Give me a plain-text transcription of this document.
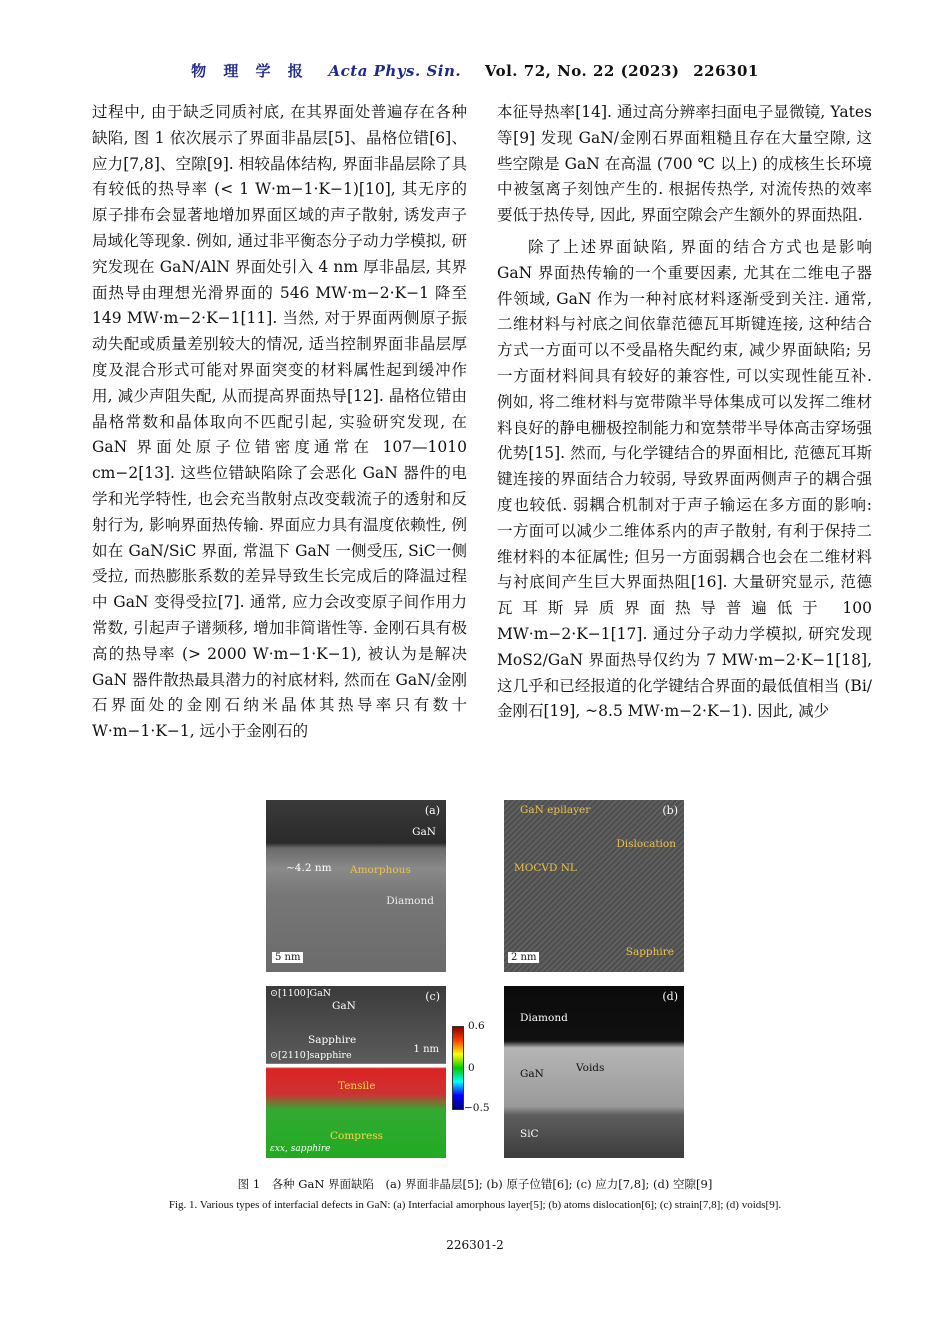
物 理 学 报 Acta Phys. Sin. Vol. 72, No. 22 (2023) 226301

过程中, 由于缺乏同质衬底, 在其界面处普遍存在各种缺陷, 图 1 依次展示了界面非晶层[5]、晶格位错[6]、应力[7,8]、空隙[9]. 相较晶体结构, 界面非晶层除了具有较低的热导率 (< 1 W·m−1·K−1)[10], 其无序的原子排布会显著地增加界面区域的声子散射, 诱发声子局域化等现象. 例如, 通过非平衡态分子动力学模拟, 研究发现在 GaN/AlN 界面处引入 4 nm 厚非晶层, 其界面热导由理想光滑界面的 546 MW·m−2·K−1 降至 149 MW·m−2·K−1[11]. 当然, 对于界面两侧原子振动失配或质量差别较大的情况, 适当控制界面非晶层厚度及混合形式可能对界面突变的材料属性起到缓冲作用, 减少声阻失配, 从而提高界面热导[12]. 晶格位错由晶格常数和晶体取向不匹配引起, 实验研究发现, 在 GaN 界面处原子位错密度通常在 107—1010 cm−2[13]. 这些位错缺陷除了会恶化 GaN 器件的电学和光学特性, 也会充当散射点改变载流子的透射和反射行为, 影响界面热传输. 界面应力具有温度依赖性, 例如在 GaN/SiC 界面, 常温下 GaN 一侧受压, SiC一侧受拉, 而热膨胀系数的差异导致生长完成后的降温过程中 GaN 变得受拉[7]. 通常, 应力会改变原子间作用力常数, 引起声子谱频移, 增加非简谐性等. 金刚石具有极高的热导率 (> 2000 W·m−1·K−1), 被认为是解决 GaN 器件散热最具潜力的衬底材料, 然而在 GaN/金刚石界面处的金刚石纳米晶体其热导率只有数十 W·m−1·K−1, 远小于金刚石的

本征导热率[14]. 通过高分辨率扫面电子显微镜, Yates 等[9] 发现 GaN/金刚石界面粗糙且存在大量空隙, 这些空隙是 GaN 在高温 (700 ℃ 以上) 的成核生长环境中被氢离子刻蚀产生的. 根据传热学, 对流传热的效率要低于热传导, 因此, 界面空隙会产生额外的界面热阻.

除了上述界面缺陷, 界面的结合方式也是影响 GaN 界面热传输的一个重要因素, 尤其在二维电子器件领域, GaN 作为一种衬底材料逐渐受到关注. 通常, 二维材料与衬底之间依靠范德瓦耳斯键连接, 这种结合方式一方面可以不受晶格失配约束, 减少界面缺陷; 另一方面材料间具有较好的兼容性, 可以实现性能互补. 例如, 将二维材料与宽带隙半导体集成可以发挥二维材料良好的静电栅极控制能力和宽禁带半导体高击穿场强优势[15]. 然而, 与化学键结合的界面相比, 范德瓦耳斯键连接的界面结合力较弱, 导致界面两侧声子的耦合强度也较低. 弱耦合机制对于声子输运在多方面的影响: 一方面可以减少二维体系内的声子散射, 有利于保持二维材料的本征属性; 但另一方面弱耦合也会在二维材料与衬底间产生巨大界面热阻[16]. 大量研究显示, 范德瓦耳斯异质界面热导普遍低于 100 MW·m−2·K−1[17]. 通过分子动力学模拟, 研究发现 MoS2/GaN 界面热导仅约为 7 MW·m−2·K−1[18], 这几乎和已经报道的化学键结合界面的最低值相当 (Bi/金刚石[19], ~8.5 MW·m−2·K−1). 因此, 减少

(a)
GaN
~4.2 nm Amorphous
Diamond
5 nm
(b)
GaN epilayer
Dislocation
MOCVD NL
Sapphire
2 nm
(c)
⊙[1100]GaN
GaN
Sapphire
⊙[2110]sapphire
1 nm
Tensile
Compress
εxx, sapphire
0.6
0
−0.5
(d)
Diamond
Voids
GaN
SiC
图 1　各种 GaN 界面缺陷　(a) 界面非晶层[5]; (b) 原子位错[6]; (c) 应力[7,8]; (d) 空隙[9]
Fig. 1. Various types of interfacial defects in GaN: (a) Interfacial amorphous layer[5]; (b) atoms dislocation[6]; (c) strain[7,8]; (d) voids[9].
226301-2
